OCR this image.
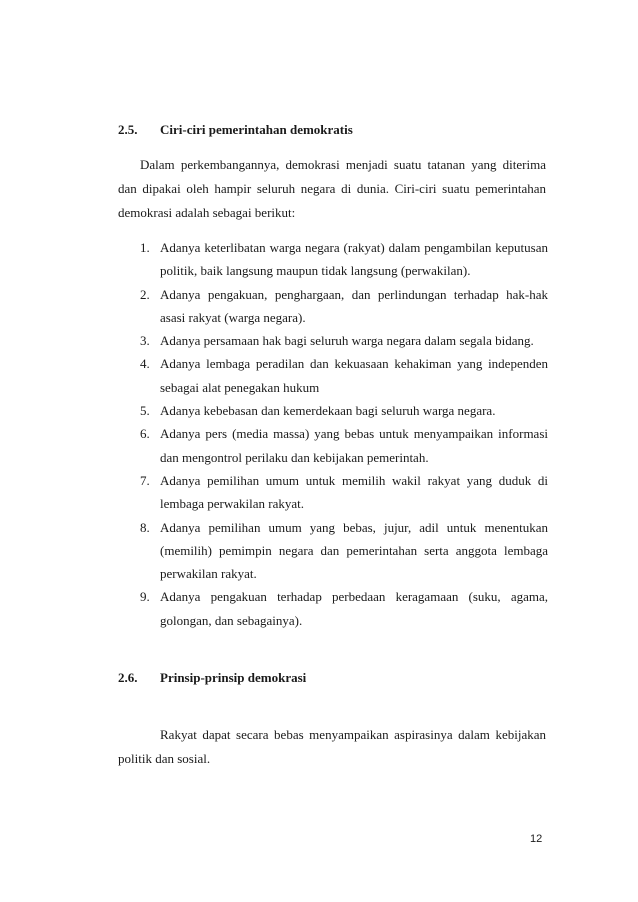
2.5. Ciri-ciri pemerintahan demokratis

Dalam perkembangannya, demokrasi menjadi suatu tatanan yang diterima dan dipakai oleh hampir seluruh negara di dunia. Ciri-ciri suatu pemerintahan demokrasi adalah sebagai berikut:

1. Adanya keterlibatan warga negara (rakyat) dalam pengambilan keputusan politik, baik langsung maupun tidak langsung (perwakilan).
2. Adanya pengakuan, penghargaan, dan perlindungan terhadap hak-hak asasi rakyat (warga negara).
3. Adanya persamaan hak bagi seluruh warga negara dalam segala bidang.
4. Adanya lembaga peradilan dan kekuasaan kehakiman yang independen sebagai alat penegakan hukum
5. Adanya kebebasan dan kemerdekaan bagi seluruh warga negara.
6. Adanya pers (media massa) yang bebas untuk menyampaikan informasi dan mengontrol perilaku dan kebijakan pemerintah.
7. Adanya pemilihan umum untuk memilih wakil rakyat yang duduk di lembaga perwakilan rakyat.
8. Adanya pemilihan umum yang bebas, jujur, adil untuk menentukan (memilih) pemimpin negara dan pemerintahan serta anggota lembaga perwakilan rakyat.
9. Adanya pengakuan terhadap perbedaan keragamaan (suku, agama, golongan, dan sebagainya).
2.6. Prinsip-prinsip demokrasi

Rakyat dapat secara bebas menyampaikan aspirasinya dalam kebijakan politik dan sosial.

12
